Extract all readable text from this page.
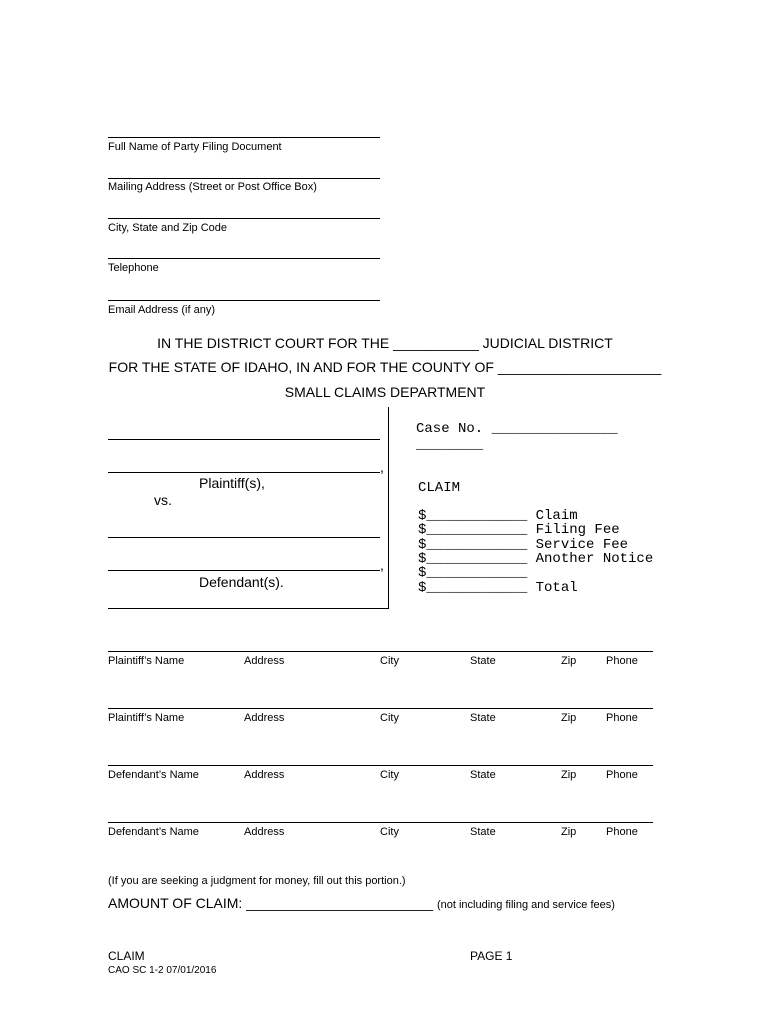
Full Name of Party Filing Document
Mailing Address (Street or Post Office Box)
City, State and Zip Code
Telephone
Email Address (if any)
IN THE DISTRICT COURT FOR THE ___________ JUDICIAL DISTRICT
FOR THE STATE OF IDAHO, IN AND FOR THE COUNTY OF _____________________
SMALL CLAIMS DEPARTMENT
,
Plaintiff(s),
vs.
,
Defendant(s).
Case No. _______________
________
CLAIM
$____________ Claim
$____________ Filing Fee
$____________ Service Fee
$____________ Another Notice
$____________
$____________ Total
Plaintiff’s Name	Address	City	State	Zip	Phone
Plaintiff’s Name	Address	City	State	Zip	Phone
Defendant’s Name	Address	City	State	Zip	Phone
Defendant’s Name	Address	City	State	Zip	Phone
(If you are seeking a judgment for money, fill out this portion.)
AMOUNT OF CLAIM: ________________________ (not including filing and service fees)
CLAIM	PAGE 1
CAO SC 1-2 07/01/2016
